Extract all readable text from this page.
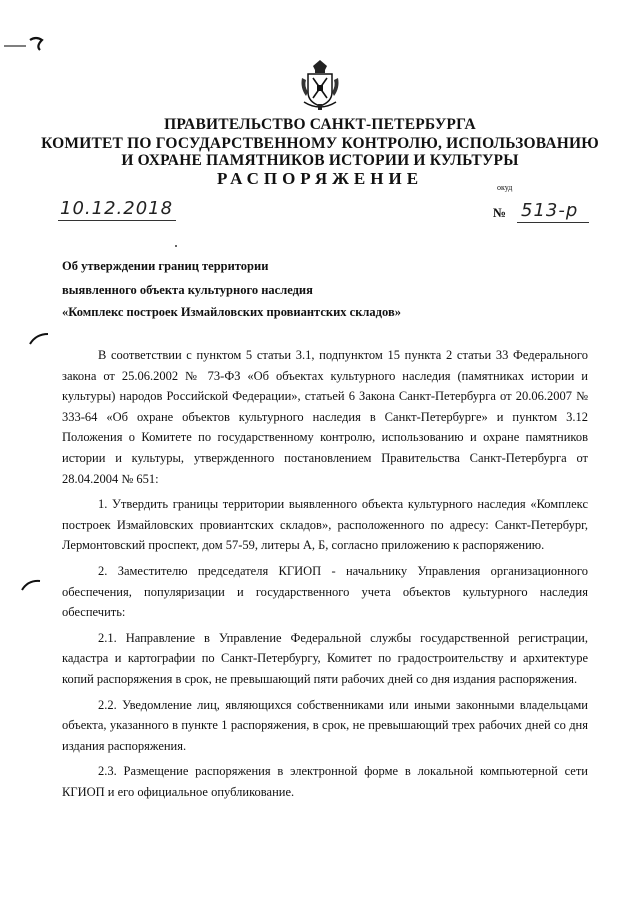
ПРАВИТЕЛЬСТВО САНКТ-ПЕТЕРБУРГА
КОМИТЕТ ПО ГОСУДАРСТВЕННОМУ КОНТРОЛЮ, ИСПОЛЬЗОВАНИЮ
И ОХРАНЕ ПАМЯТНИКОВ ИСТОРИИ И КУЛЬТУРЫ
РАСПОРЯЖЕНИЕ	окуд
10.12.2018	№ 513-р
Об утверждении границ территории
выявленного объекта культурного наследия
«Комплекс построек Измайловских провиантских складов»

В соответствии с пунктом 5 статьи 3.1, подпунктом 15 пункта 2 статьи 33 Федерального закона от 25.06.2002 № 73-ФЗ «Об объектах культурного наследия (памятниках истории и культуры) народов Российской Федерации», статьей 6 Закона Санкт-Петербурга от 20.06.2007 № 333-64 «Об охране объектов культурного наследия в Санкт-Петербурге» и пунктом 3.12 Положения о Комитете по государственному контролю, использованию и охране памятников истории и культуры, утвержденного постановлением Правительства Санкт-Петербурга от 28.04.2004 № 651:

1. Утвердить границы территории выявленного объекта культурного наследия «Комплекс построек Измайловских провиантских складов», расположенного по адресу: Санкт-Петербург, Лермонтовский проспект, дом 57-59, литеры А, Б, согласно приложению к распоряжению.

2. Заместителю председателя КГИОП - начальнику Управления организационного обеспечения, популяризации и государственного учета объектов культурного наследия обеспечить:

2.1. Направление в Управление Федеральной службы государственной регистрации, кадастра и картографии по Санкт-Петербургу, Комитет по градостроительству и архитектуре копий распоряжения в срок, не превышающий пяти рабочих дней со дня издания распоряжения.

2.2. Уведомление лиц, являющихся собственниками или иными законными владельцами объекта, указанного в пункте 1 распоряжения, в срок, не превышающий трех рабочих дней со дня издания распоряжения.

2.3. Размещение распоряжения в электронной форме в локальной компьютерной сети КГИОП и его официальное опубликование.
